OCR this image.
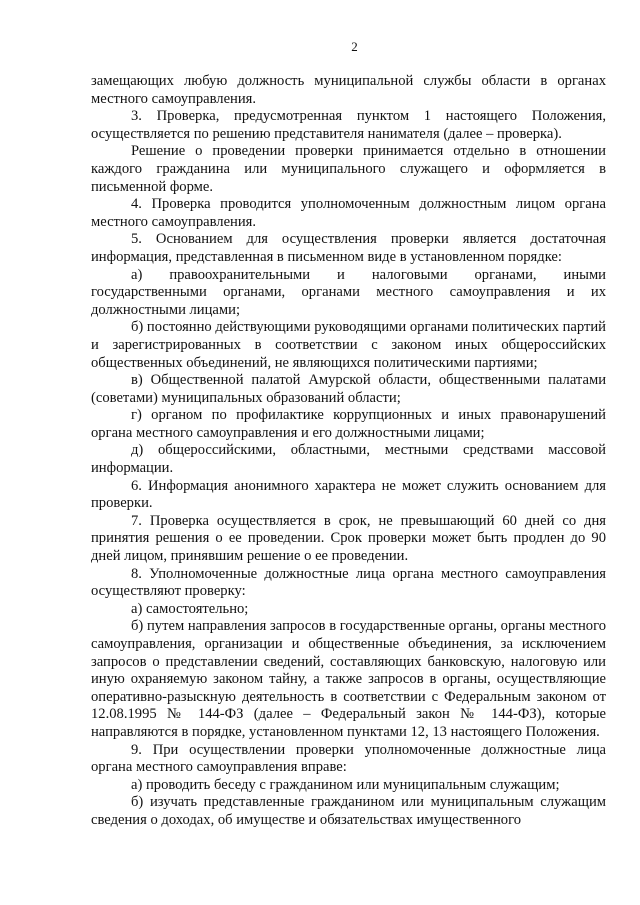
2

замещающих любую должность муниципальной службы области в органах местного самоуправления.

3. Проверка, предусмотренная пунктом 1 настоящего Положения, осуществляется по решению представителя нанимателя (далее – проверка).

Решение о проведении проверки принимается отдельно в отношении каждого гражданина или муниципального служащего и оформляется в письменной форме.

4. Проверка проводится уполномоченным должностным лицом органа местного самоуправления.

5. Основанием для осуществления проверки является достаточная информация, представленная в письменном виде в установленном порядке:

а) правоохранительными и налоговыми органами, иными государственными органами, органами местного самоуправления и их должностными лицами;

б) постоянно действующими руководящими органами политических партий и зарегистрированных в соответствии с законом иных общероссийских общественных объединений, не являющихся политическими партиями;

в) Общественной палатой Амурской области, общественными палатами (советами) муниципальных образований области;

г) органом по профилактике коррупционных и иных правонарушений органа местного самоуправления и его должностными лицами;

д) общероссийскими, областными, местными средствами массовой информации.

6. Информация анонимного характера не может служить основанием для проверки.

7. Проверка осуществляется в срок, не превышающий 60 дней со дня принятия решения о ее проведении. Срок проверки может быть продлен до 90 дней лицом, принявшим решение о ее проведении.

8. Уполномоченные должностные лица органа местного самоуправления осуществляют проверку:

а) самостоятельно;

б) путем направления запросов в государственные органы, органы местного самоуправления, организации и общественные объединения, за исключением запросов о представлении сведений, составляющих банковскую, налоговую или иную охраняемую законом тайну, а также запросов в органы, осуществляющие оперативно-разыскную деятельность в соответствии с Федеральным законом от 12.08.1995 № 144-ФЗ (далее – Федеральный закон № 144-ФЗ), которые направляются в порядке, установленном пунктами 12, 13 настоящего Положения.

9. При осуществлении проверки уполномоченные должностные лица органа местного самоуправления вправе:

а) проводить беседу с гражданином или муниципальным служащим;

б) изучать представленные гражданином или муниципальным служащим сведения о доходах, об имуществе и обязательствах имущественного
